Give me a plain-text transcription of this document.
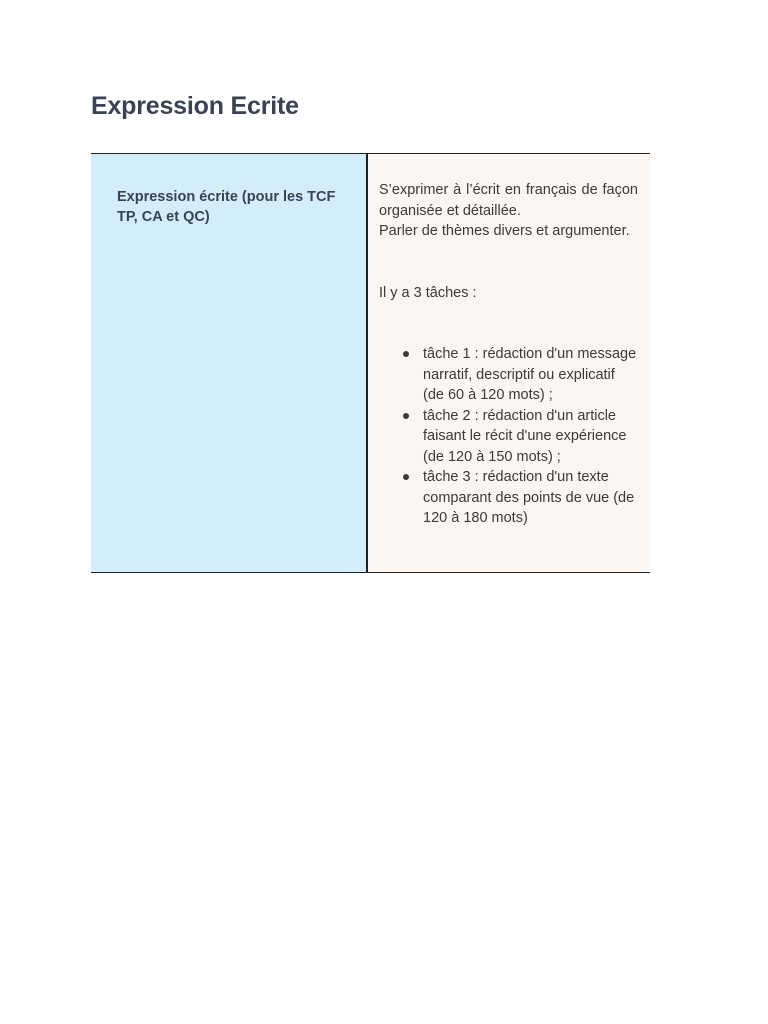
Expression Ecrite
Expression écrite (pour les TCF TP, CA et QC)

S’exprimer à l’écrit en français de façon organisée et détaillée.

Parler de thèmes divers et argumenter.

Il y a 3 tâches :

tâche 1 : rédaction d'un message narratif, descriptif ou explicatif (de 60 à 120 mots) ;
tâche 2 : rédaction d'un article faisant le récit d'une expérience (de 120 à 150 mots) ;
tâche 3 : rédaction d'un texte comparant des points de vue (de 120 à 180 mots)
